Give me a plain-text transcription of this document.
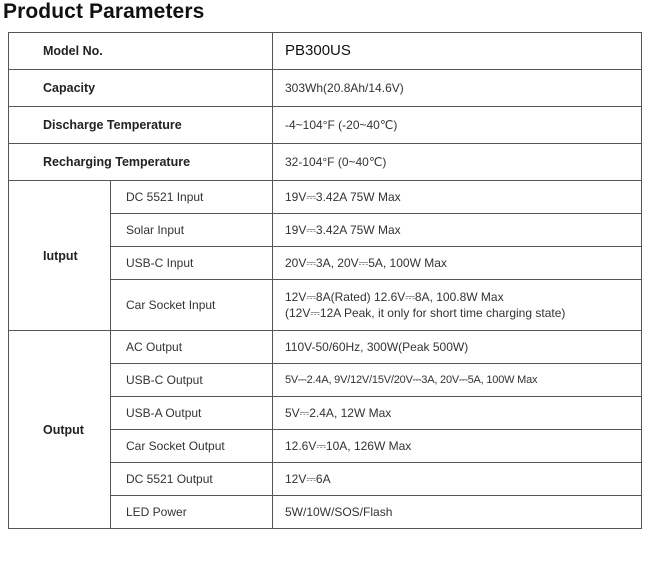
Product Parameters
Model No.		PB300US
Capacity		303Wh(20.8Ah/14.6V)
Discharge Temperature		-4~104°F (-20~40℃)
Recharging Temperature		32-104°F (0~40℃)
Iutput	DC 5521 Input	19V⎓3.42A 75W Max
	Solar Input	19V⎓3.42A 75W Max
	USB-C Input	20V⎓3A, 20V⎓5A, 100W Max
	Car Socket Input	12V⎓8A(Rated) 12.6V⎓8A, 100.8W Max
(12V⎓12A Peak, it only for short time charging state)

Output	AC Output	110V-50/60Hz, 300W(Peak 500W)
	USB-C Output	5V⎓2.4A, 9V/12V/15V/20V⎓3A, 20V⎓5A, 100W Max
	USB-A Output	5V⎓2.4A, 12W Max
	Car Socket Output	12.6V⎓10A, 126W Max
	DC 5521 Output	12V⎓6A
	LED Power	5W/10W/SOS/Flash
